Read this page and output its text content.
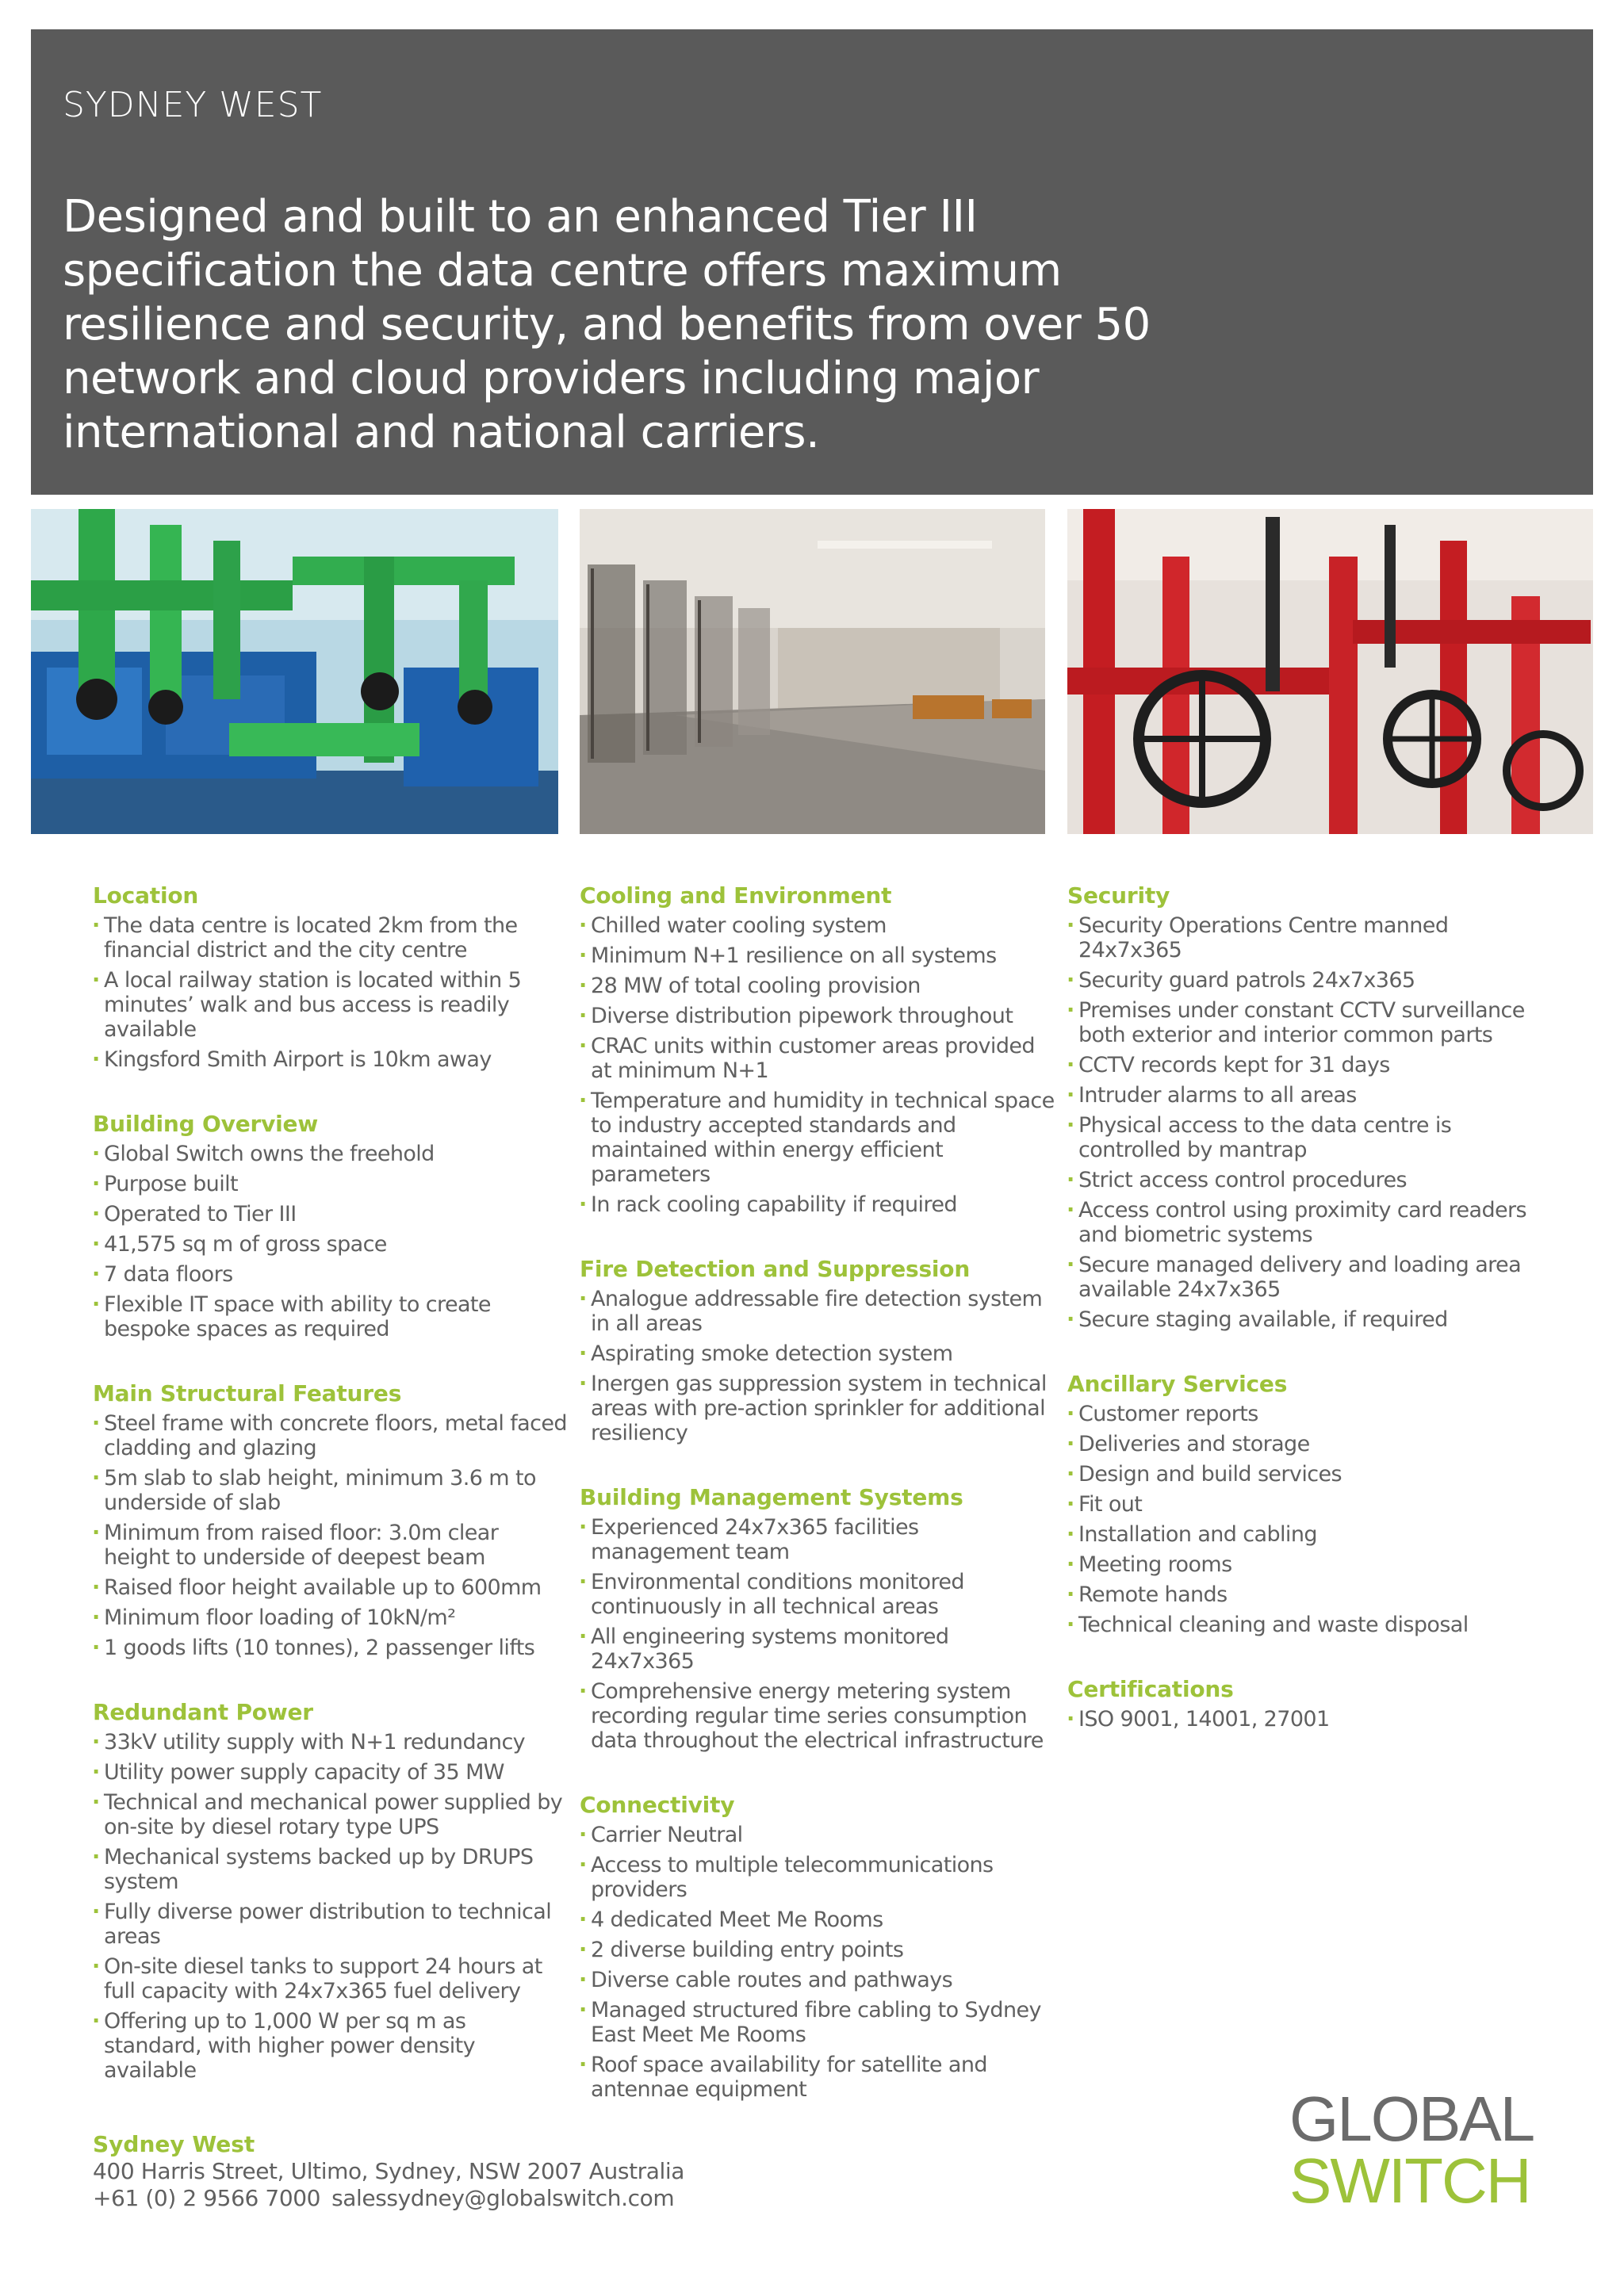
SYDNEY WEST
Designed and built to an enhanced Tier III specification the data centre offers maximum resilience and security, and benefits from over 50 network and cloud providers including major international and national carriers.
Location
· The data centre is located 2km from the financial district and the city centre
· A local railway station is located within 5 minutes’ walk and bus access is readily available
· Kingsford Smith Airport is 10km away
Building Overview
· Global Switch owns the freehold
· Purpose built
· Operated to Tier III
· 41,575 sq m of gross space
· 7 data floors
· Flexible IT space with ability to create bespoke spaces as required
Main Structural Features
· Steel frame with concrete floors, metal faced cladding and glazing
· 5m slab to slab height, minimum 3.6 m to underside of slab
· Minimum from raised floor: 3.0m clear height to underside of deepest beam
· Raised floor height available up to 600mm
· Minimum floor loading of 10kN/m²
· 1 goods lifts (10 tonnes), 2 passenger lifts
Redundant Power
· 33kV utility supply with N+1 redundancy
· Utility power supply capacity of 35 MW
· Technical and mechanical power supplied by on-site by diesel rotary type UPS
· Mechanical systems backed up by DRUPS system
· Fully diverse power distribution to technical areas
· On-site diesel tanks to support 24 hours at full capacity with 24x7x365 fuel delivery
· Offering up to 1,000 W per sq m as standard, with higher power density available
Cooling and Environment
· Chilled water cooling system
· Minimum N+1 resilience on all systems
· 28 MW of total cooling provision
· Diverse distribution pipework throughout
· CRAC units within customer areas provided at minimum N+1
· Temperature and humidity in technical space to industry accepted standards and maintained within energy efficient parameters
· In rack cooling capability if required
Fire Detection and Suppression
· Analogue addressable fire detection system in all areas
· Aspirating smoke detection system
· Inergen gas suppression system in technical areas with pre-action sprinkler for additional resiliency
Building Management Systems
· Experienced 24x7x365 facilities management team
· Environmental conditions monitored continuously in all technical areas
· All engineering systems monitored 24x7x365
· Comprehensive energy metering system recording regular time series consumption data throughout the electrical infrastructure
Connectivity
· Carrier Neutral
· Access to multiple telecommunications providers
· 4 dedicated Meet Me Rooms
· 2 diverse building entry points
· Diverse cable routes and pathways
· Managed structured fibre cabling to Sydney East Meet Me Rooms
· Roof space availability for satellite and antennae equipment
Security
· Security Operations Centre manned 24x7x365
· Security guard patrols 24x7x365
· Premises under constant CCTV surveillance both exterior and interior common parts
· CCTV records kept for 31 days
· Intruder alarms to all areas
· Physical access to the data centre is controlled by mantrap
· Strict access control procedures
· Access control using proximity card readers and biometric systems
· Secure managed delivery and loading area available 24x7x365
· Secure staging available, if required
Ancillary Services
· Customer reports
· Deliveries and storage
· Design and build services
· Fit out
· Installation and cabling
· Meeting rooms
· Remote hands
· Technical cleaning and waste disposal
Certifications
· ISO 9001, 14001, 27001

Sydney West

400 Harris Street, Ultimo, Sydney, NSW 2007 Australia

+61 (0) 2 9566 7000 salessydney@globalswitch.com

GLOBAL
SWITCH
